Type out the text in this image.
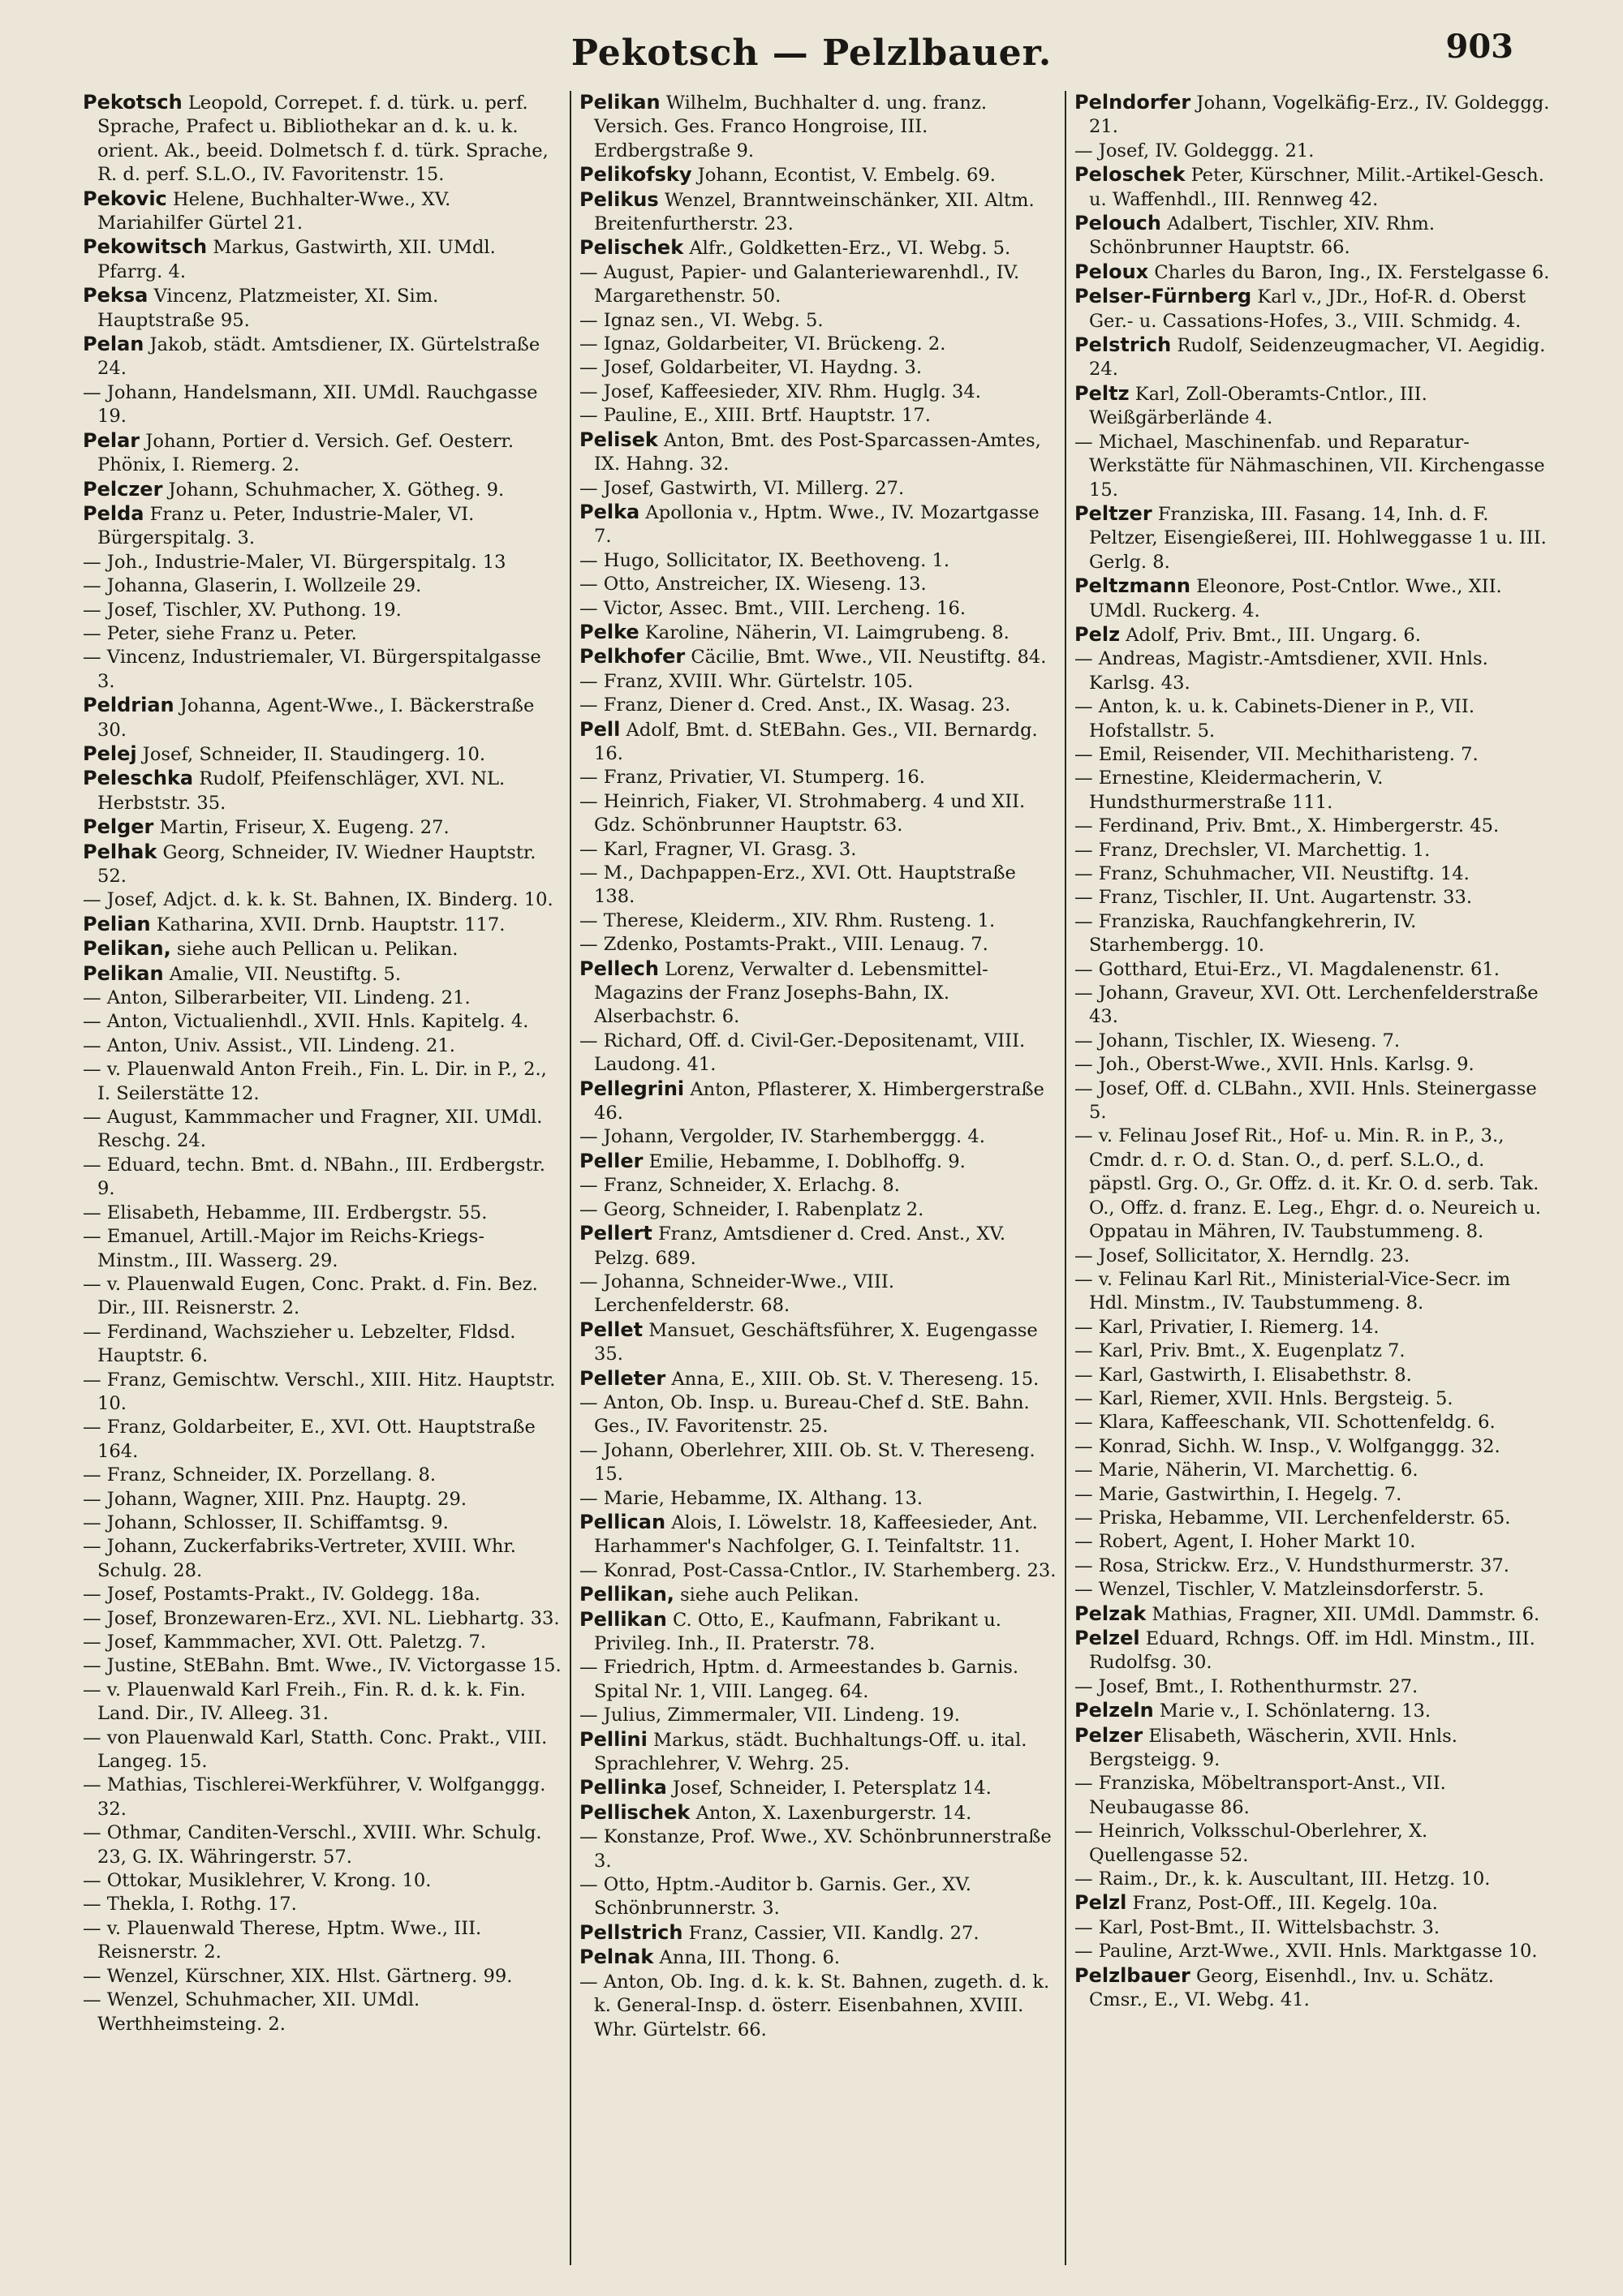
Pekotsch — Pelzlbauer.	903
Pekotsch Leopold, Correpet. f. d. türk. u. perf. Sprache, Prafect u. Bibliothekar an d. k. u. k. orient. Ak., beeid. Dolmetsch f. d. türk. Sprache, R. d. perf. S.L.O., IV. Favoritenstr. 15.
Pekovic Helene, Buchhalter-Wwe., XV. Mariahilfer Gürtel 21.
Pekowitsch Markus, Gastwirth, XII. UMdl. Pfarrg. 4.
Peksa Vincenz, Platzmeister, XI. Sim. Hauptstraße 95.
Pelan Jakob, städt. Amtsdiener, IX. Gürtelstraße 24.
— Johann, Handelsmann, XII. UMdl. Rauchgasse 19.
Pelar Johann, Portier d. Versich. Gef. Oesterr. Phönix, I. Riemerg. 2.
Pelczer Johann, Schuhmacher, X. Götheg. 9.
Pelda Franz u. Peter, Industrie-Maler, VI. Bürgerspitalg. 3.
— Joh., Industrie-Maler, VI. Bürgerspitalg. 13
— Johanna, Glaserin, I. Wollzeile 29.
— Josef, Tischler, XV. Puthong. 19.
— Peter, siehe Franz u. Peter.
— Vincenz, Industriemaler, VI. Bürgerspitalgasse 3.
Peldrian Johanna, Agent-Wwe., I. Bäckerstraße 30.
Pelej Josef, Schneider, II. Staudingerg. 10.
Peleschka Rudolf, Pfeifenschläger, XVI. NL. Herbststr. 35.
Pelger Martin, Friseur, X. Eugeng. 27.
Pelhak Georg, Schneider, IV. Wiedner Hauptstr. 52.
— Josef, Adjct. d. k. k. St. Bahnen, IX. Binderg. 10.
Pelian Katharina, XVII. Drnb. Hauptstr. 117.
Pelikan, siehe auch Pellican u. Pelikan.
Pelikan Amalie, VII. Neustiftg. 5.
— Anton, Silberarbeiter, VII. Lindeng. 21.
— Anton, Victualienhdl., XVII. Hnls. Kapitelg. 4.
— Anton, Univ. Assist., VII. Lindeng. 21.
— v. Plauenwald Anton Freih., Fin. L. Dir. in P., 2., I. Seilerstätte 12.
— August, Kammmacher und Fragner, XII. UMdl. Reschg. 24.
— Eduard, techn. Bmt. d. NBahn., III. Erdbergstr. 9.
— Elisabeth, Hebamme, III. Erdbergstr. 55.
— Emanuel, Artill.-Major im Reichs-Kriegs-Minstm., III. Wasserg. 29.
— v. Plauenwald Eugen, Conc. Prakt. d. Fin. Bez. Dir., III. Reisnerstr. 2.
— Ferdinand, Wachszieher u. Lebzelter, Fldsd. Hauptstr. 6.
— Franz, Gemischtw. Verschl., XIII. Hitz. Hauptstr. 10.
— Franz, Goldarbeiter, E., XVI. Ott. Hauptstraße 164.
— Franz, Schneider, IX. Porzellang. 8.
— Johann, Wagner, XIII. Pnz. Hauptg. 29.
— Johann, Schlosser, II. Schiffamtsg. 9.
— Johann, Zuckerfabriks-Vertreter, XVIII. Whr. Schulg. 28.
— Josef, Postamts-Prakt., IV. Goldegg. 18a.
— Josef, Bronzewaren-Erz., XVI. NL. Liebhartg. 33.
— Josef, Kammmacher, XVI. Ott. Paletzg. 7.
— Justine, StEBahn. Bmt. Wwe., IV. Victorgasse 15.
— v. Plauenwald Karl Freih., Fin. R. d. k. k. Fin. Land. Dir., IV. Alleeg. 31.
— von Plauenwald Karl, Statth. Conc. Prakt., VIII. Langeg. 15.
— Mathias, Tischlerei-Werkführer, V. Wolfganggg. 32.
— Othmar, Canditen-Verschl., XVIII. Whr. Schulg. 23, G. IX. Währingerstr. 57.
— Ottokar, Musiklehrer, V. Krong. 10.
— Thekla, I. Rothg. 17.
— v. Plauenwald Therese, Hptm. Wwe., III. Reisnerstr. 2.
— Wenzel, Kürschner, XIX. Hlst. Gärtnerg. 99.
— Wenzel, Schuhmacher, XII. UMdl. Werthheimsteing. 2.
Pelikan Wilhelm, Buchhalter d. ung. franz. Versich. Ges. Franco Hongroise, III. Erdbergstraße 9.
Pelikofsky Johann, Econtist, V. Embelg. 69.
Pelikus Wenzel, Branntweinschänker, XII. Altm. Breitenfurtherstr. 23.
Pelischek Alfr., Goldketten-Erz., VI. Webg. 5.
— August, Papier- und Galanteriewarenhdl., IV. Margarethenstr. 50.
— Ignaz sen., VI. Webg. 5.
— Ignaz, Goldarbeiter, VI. Brückeng. 2.
— Josef, Goldarbeiter, VI. Haydng. 3.
— Josef, Kaffeesieder, XIV. Rhm. Huglg. 34.
— Pauline, E., XIII. Brtf. Hauptstr. 17.
Pelisek Anton, Bmt. des Post-Sparcassen-Amtes, IX. Hahng. 32.
— Josef, Gastwirth, VI. Millerg. 27.
Pelka Apollonia v., Hptm. Wwe., IV. Mozartgasse 7.
— Hugo, Sollicitator, IX. Beethoveng. 1.
— Otto, Anstreicher, IX. Wieseng. 13.
— Victor, Assec. Bmt., VIII. Lercheng. 16.
Pelke Karoline, Näherin, VI. Laimgrubeng. 8.
Pelkhofer Cäcilie, Bmt. Wwe., VII. Neustiftg. 84.
— Franz, XVIII. Whr. Gürtelstr. 105.
— Franz, Diener d. Cred. Anst., IX. Wasag. 23.
Pell Adolf, Bmt. d. StEBahn. Ges., VII. Bernardg. 16.
— Franz, Privatier, VI. Stumperg. 16.
— Heinrich, Fiaker, VI. Strohmaberg. 4 und XII. Gdz. Schönbrunner Hauptstr. 63.
— Karl, Fragner, VI. Grasg. 3.
— M., Dachpappen-Erz., XVI. Ott. Hauptstraße 138.
— Therese, Kleiderm., XIV. Rhm. Rusteng. 1.
— Zdenko, Postamts-Prakt., VIII. Lenaug. 7.
Pellech Lorenz, Verwalter d. Lebensmittel-Magazins der Franz Josephs-Bahn, IX. Alserbachstr. 6.
— Richard, Off. d. Civil-Ger.-Depositenamt, VIII. Laudong. 41.
Pellegrini Anton, Pflasterer, X. Himbergerstraße 46.
— Johann, Vergolder, IV. Starhemberggg. 4.
Peller Emilie, Hebamme, I. Doblhoffg. 9.
— Franz, Schneider, X. Erlachg. 8.
— Georg, Schneider, I. Rabenplatz 2.
Pellert Franz, Amtsdiener d. Cred. Anst., XV. Pelzg. 689.
— Johanna, Schneider-Wwe., VIII. Lerchenfelderstr. 68.
Pellet Mansuet, Geschäftsführer, X. Eugengasse 35.
Pelleter Anna, E., XIII. Ob. St. V. Thereseng. 15.
— Anton, Ob. Insp. u. Bureau-Chef d. StE. Bahn. Ges., IV. Favoritenstr. 25.
— Johann, Oberlehrer, XIII. Ob. St. V. Thereseng. 15.
— Marie, Hebamme, IX. Althang. 13.
Pellican Alois, I. Löwelstr. 18, Kaffeesieder, Ant. Harhammer's Nachfolger, G. I. Teinfaltstr. 11.
— Konrad, Post-Cassa-Cntlor., IV. Starhemberg. 23.
Pellikan, siehe auch Pelikan.
Pellikan C. Otto, E., Kaufmann, Fabrikant u. Privileg. Inh., II. Praterstr. 78.
— Friedrich, Hptm. d. Armeestandes b. Garnis. Spital Nr. 1, VIII. Langeg. 64.
— Julius, Zimmermaler, VII. Lindeng. 19.
Pellini Markus, städt. Buchhaltungs-Off. u. ital. Sprachlehrer, V. Wehrg. 25.
Pellinka Josef, Schneider, I. Petersplatz 14.
Pellischek Anton, X. Laxenburgerstr. 14.
— Konstanze, Prof. Wwe., XV. Schönbrunnerstraße 3.
— Otto, Hptm.-Auditor b. Garnis. Ger., XV. Schönbrunnerstr. 3.
Pellstrich Franz, Cassier, VII. Kandlg. 27.
Pelnak Anna, III. Thong. 6.
— Anton, Ob. Ing. d. k. k. St. Bahnen, zugeth. d. k. k. General-Insp. d. österr. Eisenbahnen, XVIII. Whr. Gürtelstr. 66.
Pelndorfer Johann, Vogelkäfig-Erz., IV. Goldeggg. 21.
— Josef, IV. Goldeggg. 21.
Peloschek Peter, Kürschner, Milit.-Artikel-Gesch. u. Waffenhdl., III. Rennweg 42.
Pelouch Adalbert, Tischler, XIV. Rhm. Schönbrunner Hauptstr. 66.
Peloux Charles du Baron, Ing., IX. Ferstelgasse 6.
Pelser-Fürnberg Karl v., JDr., Hof-R. d. Oberst Ger.- u. Cassations-Hofes, 3., VIII. Schmidg. 4.
Pelstrich Rudolf, Seidenzeugmacher, VI. Aegidig. 24.
Peltz Karl, Zoll-Oberamts-Cntlor., III. Weißgärberlände 4.
— Michael, Maschinenfab. und Reparatur-Werkstätte für Nähmaschinen, VII. Kirchengasse 15.
Peltzer Franziska, III. Fasang. 14, Inh. d. F. Peltzer, Eisengießerei, III. Hohlweggasse 1 u. III. Gerlg. 8.
Peltzmann Eleonore, Post-Cntlor. Wwe., XII. UMdl. Ruckerg. 4.
Pelz Adolf, Priv. Bmt., III. Ungarg. 6.
— Andreas, Magistr.-Amtsdiener, XVII. Hnls. Karlsg. 43.
— Anton, k. u. k. Cabinets-Diener in P., VII. Hofstallstr. 5.
— Emil, Reisender, VII. Mechitharisteng. 7.
— Ernestine, Kleidermacherin, V. Hundsthurmerstraße 111.
— Ferdinand, Priv. Bmt., X. Himbergerstr. 45.
— Franz, Drechsler, VI. Marchettig. 1.
— Franz, Schuhmacher, VII. Neustiftg. 14.
— Franz, Tischler, II. Unt. Augartenstr. 33.
— Franziska, Rauchfangkehrerin, IV. Starhembergg. 10.
— Gotthard, Etui-Erz., VI. Magdalenenstr. 61.
— Johann, Graveur, XVI. Ott. Lerchenfelderstraße 43.
— Johann, Tischler, IX. Wieseng. 7.
— Joh., Oberst-Wwe., XVII. Hnls. Karlsg. 9.
— Josef, Off. d. CLBahn., XVII. Hnls. Steinergasse 5.
— v. Felinau Josef Rit., Hof- u. Min. R. in P., 3., Cmdr. d. r. O. d. Stan. O., d. perf. S.L.O., d. päpstl. Grg. O., Gr. Offz. d. it. Kr. O. d. serb. Tak. O., Offz. d. franz. E. Leg., Ehgr. d. o. Neureich u. Oppatau in Mähren, IV. Taubstummeng. 8.
— Josef, Sollicitator, X. Herndlg. 23.
— v. Felinau Karl Rit., Ministerial-Vice-Secr. im Hdl. Minstm., IV. Taubstummeng. 8.
— Karl, Privatier, I. Riemerg. 14.
— Karl, Priv. Bmt., X. Eugenplatz 7.
— Karl, Gastwirth, I. Elisabethstr. 8.
— Karl, Riemer, XVII. Hnls. Bergsteig. 5.
— Klara, Kaffeeschank, VII. Schottenfeldg. 6.
— Konrad, Sichh. W. Insp., V. Wolfganggg. 32.
— Marie, Näherin, VI. Marchettig. 6.
— Marie, Gastwirthin, I. Hegelg. 7.
— Priska, Hebamme, VII. Lerchenfelderstr. 65.
— Robert, Agent, I. Hoher Markt 10.
— Rosa, Strickw. Erz., V. Hundsthurmerstr. 37.
— Wenzel, Tischler, V. Matzleinsdorferstr. 5.
Pelzak Mathias, Fragner, XII. UMdl. Dammstr. 6.
Pelzel Eduard, Rchngs. Off. im Hdl. Minstm., III. Rudolfsg. 30.
— Josef, Bmt., I. Rothenthurmstr. 27.
Pelzeln Marie v., I. Schönlaterng. 13.
Pelzer Elisabeth, Wäscherin, XVII. Hnls. Bergsteigg. 9.
— Franziska, Möbeltransport-Anst., VII. Neubaugasse 86.
— Heinrich, Volksschul-Oberlehrer, X. Quellengasse 52.
— Raim., Dr., k. k. Auscultant, III. Hetzg. 10.
Pelzl Franz, Post-Off., III. Kegelg. 10a.
— Karl, Post-Bmt., II. Wittelsbachstr. 3.
— Pauline, Arzt-Wwe., XVII. Hnls. Marktgasse 10.
Pelzlbauer Georg, Eisenhdl., Inv. u. Schätz. Cmsr., E., VI. Webg. 41.
